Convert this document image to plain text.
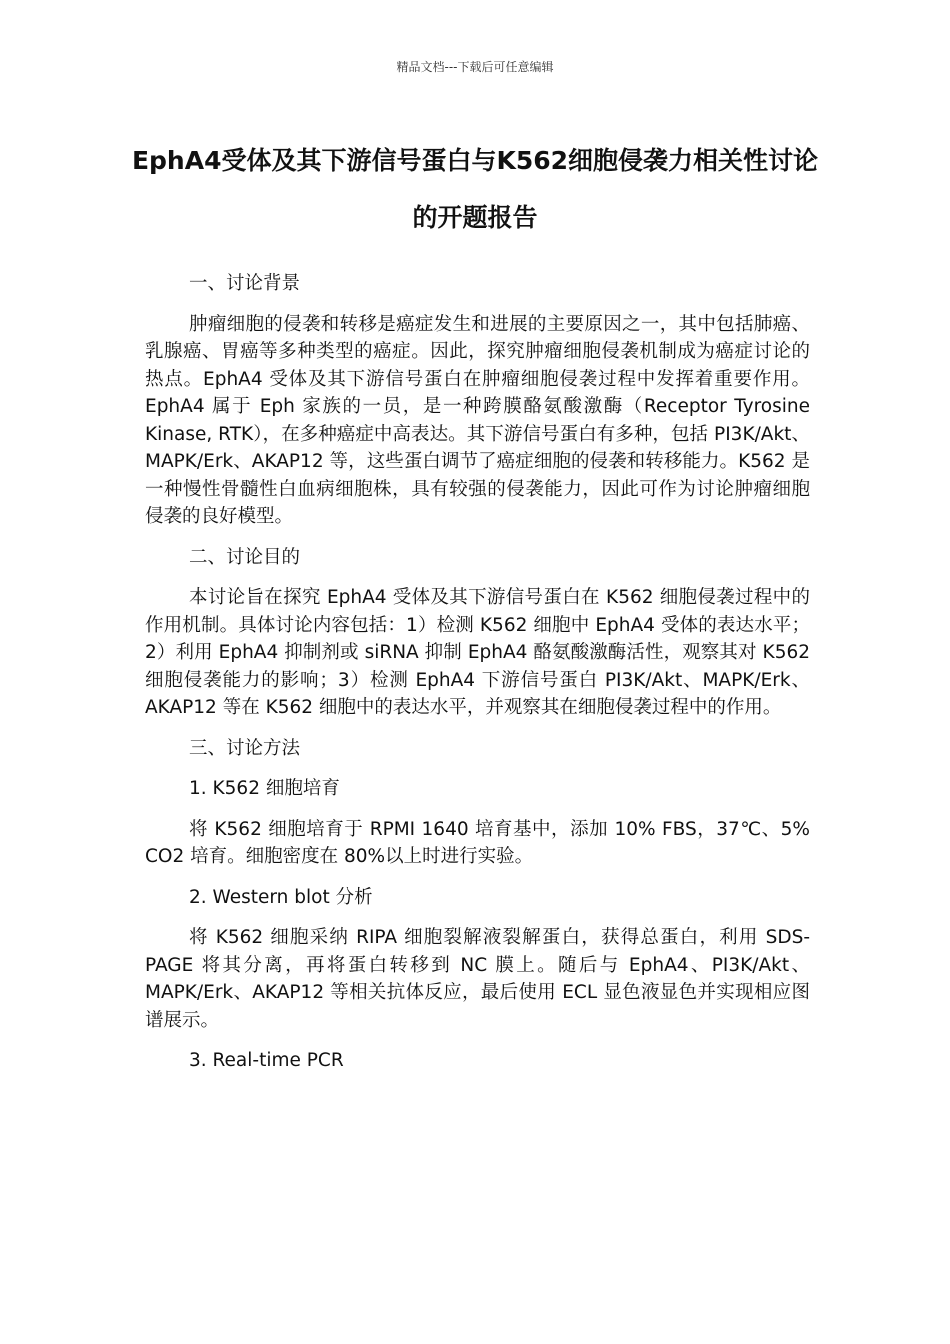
精品文档---下载后可任意编辑
EphA4受体及其下游信号蛋白与K562细胞侵袭力相关性讨论的开题报告

一、讨论背景

肿瘤细胞的侵袭和转移是癌症发生和进展的主要原因之一，其中包括肺癌、乳腺癌、胃癌等多种类型的癌症。因此，探究肿瘤细胞侵袭机制成为癌症讨论的热点。EphA4 受体及其下游信号蛋白在肿瘤细胞侵袭过程中发挥着重要作用。EphA4 属于 Eph 家族的一员，是一种跨膜酪氨酸激酶（Receptor Tyrosine Kinase, RTK），在多种癌症中高表达。其下游信号蛋白有多种，包括 PI3K/Akt、MAPK/Erk、AKAP12 等，这些蛋白调节了癌症细胞的侵袭和转移能力。K562 是一种慢性骨髓性白血病细胞株，具有较强的侵袭能力，因此可作为讨论肿瘤细胞侵袭的良好模型。

二、讨论目的

本讨论旨在探究 EphA4 受体及其下游信号蛋白在 K562 细胞侵袭过程中的作用机制。具体讨论内容包括：1）检测 K562 细胞中 EphA4 受体的表达水平；2）利用 EphA4 抑制剂或 siRNA 抑制 EphA4 酪氨酸激酶活性，观察其对 K562 细胞侵袭能力的影响；3）检测 EphA4 下游信号蛋白 PI3K/Akt、MAPK/Erk、AKAP12 等在 K562 细胞中的表达水平，并观察其在细胞侵袭过程中的作用。

三、讨论方法

1. K562 细胞培育

将 K562 细胞培育于 RPMI 1640 培育基中，添加 10% FBS，37℃、5% CO2 培育。细胞密度在 80%以上时进行实验。

2. Western blot 分析

将 K562 细胞采纳 RIPA 细胞裂解液裂解蛋白，获得总蛋白，利用 SDS-PAGE 将其分离，再将蛋白转移到 NC 膜上。随后与 EphA4、PI3K/Akt、MAPK/Erk、AKAP12 等相关抗体反应，最后使用 ECL 显色液显色并实现相应图谱展示。

3. Real-time PCR
